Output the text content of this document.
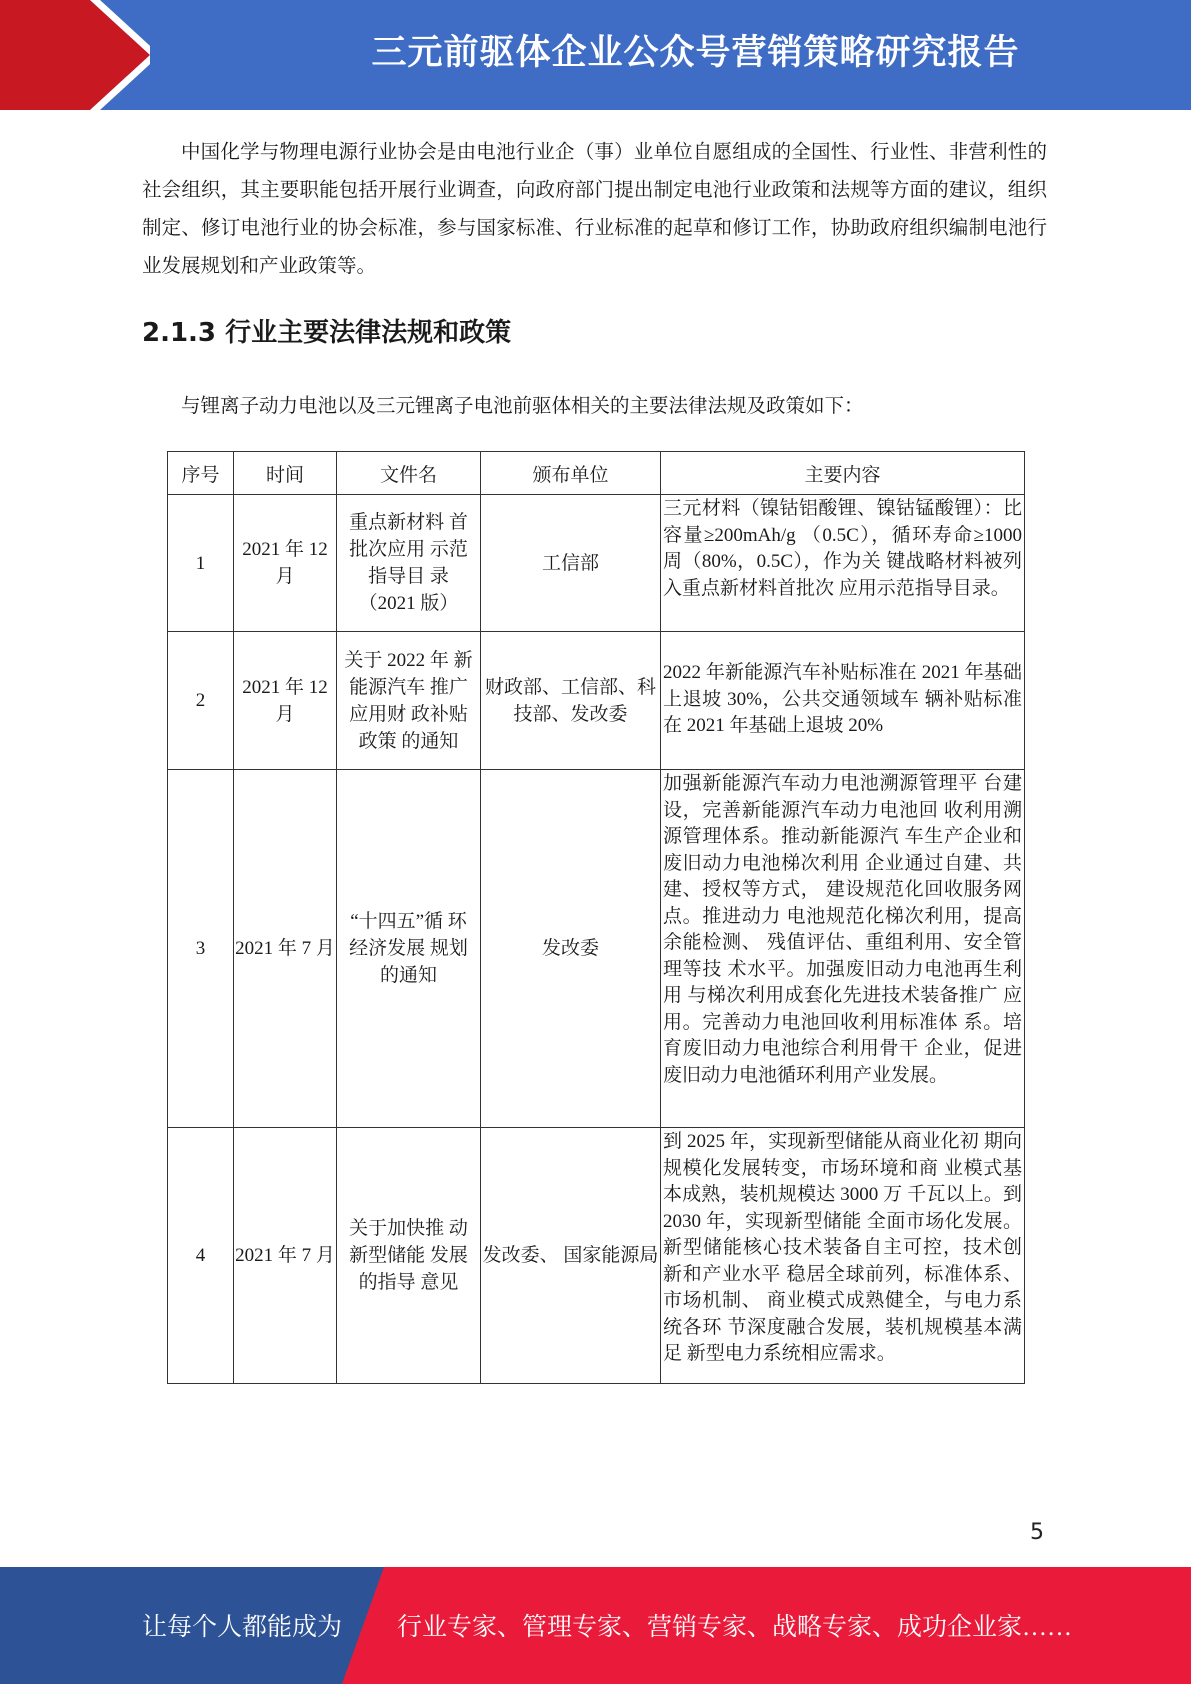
三元前驱体企业公众号营销策略研究报告

中国化学与物理电源行业协会是由电池行业企（事）业单位自愿组成的全国性、行业性、非营利性的社会组织，其主要职能包括开展行业调查，向政府部门提出制定电池行业政策和法规等方面的建议，组织制定、修订电池行业的协会标准，参与国家标准、行业标准的起草和修订工作，协助政府组织编制电池行业发展规划和产业政策等。

2.1.3 行业主要法律法规和政策

与锂离子动力电池以及三元锂离子电池前驱体相关的主要法律法规及政策如下：

序号	时间	文件名	颁布单位	主要内容
1	2021 年 12 月	重点新材料 首批次应用 示范指导目 录（2021 版）	工信部	三元材料（镍钴铝酸锂、镍钴锰酸锂）：比容量≥200mAh/g （0.5C），循环寿命≥1000 周（80%，0.5C），作为关 键战略材料被列入重点新材料首批次 应用示范指导目录。
2	2021 年 12 月	关于 2022 年 新能源汽车 推广应用财 政补贴政策 的通知	财政部、工信部、科技部、发改委	2022 年新能源汽车补贴标准在 2021 年基础上退坡 30%，公共交通领域车 辆补贴标准在 2021 年基础上退坡 20%
3	2021 年 7 月	“十四五”循 环经济发展 规划的通知	发改委	加强新能源汽车动力电池溯源管理平 台建设，完善新能源汽车动力电池回 收利用溯源管理体系。推动新能源汽 车生产企业和废旧动力电池梯次利用 企业通过自建、共建、授权等方式， 建设规范化回收服务网点。推进动力 电池规范化梯次利用，提高余能检测、 残值评估、重组利用、安全管理等技 术水平。加强废旧动力电池再生利用 与梯次利用成套化先进技术装备推广 应用。完善动力电池回收利用标准体 系。培育废旧动力电池综合利用骨干 企业，促进废旧动力电池循环利用产业发展。
4	2021 年 7 月	关于加快推 动新型储能 发展的指导 意见	发改委、 国家能源局	到 2025 年，实现新型储能从商业化初 期向规模化发展转变，市场环境和商 业模式基本成熟，装机规模达 3000 万 千瓦以上。到 2030 年，实现新型储能 全面市场化发展。新型储能核心技术装备自主可控，技术创新和产业水平 稳居全球前列，标准体系、市场机制、 商业模式成熟健全，与电力系统各环 节深度融合发展，装机规模基本满足 新型电力系统相应需求。
5
让每个人都能成为 行业专家、管理专家、营销专家、战略专家、成功企业家……
